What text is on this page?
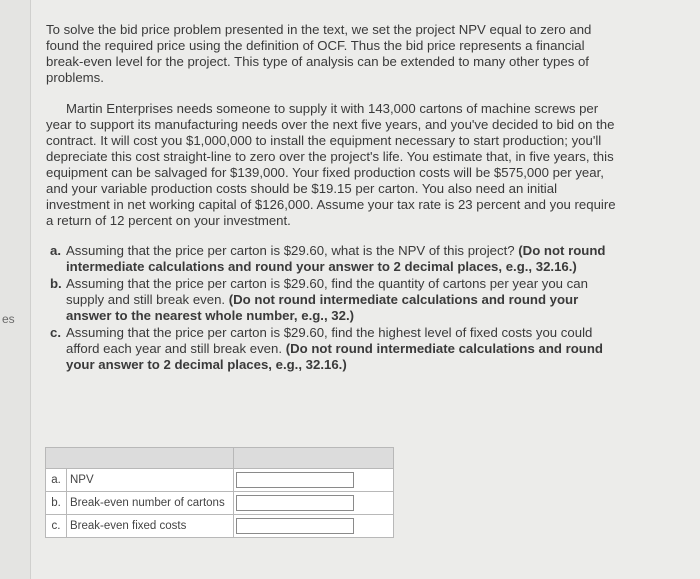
es

To solve the bid price problem presented in the text, we set the project NPV equal to zero and found the required price using the definition of OCF. Thus the bid price represents a financial break-even level for the project. This type of analysis can be extended to many other types of problems.

Martin Enterprises needs someone to supply it with 143,000 cartons of machine screws per year to support its manufacturing needs over the next five years, and you've decided to bid on the contract. It will cost you $1,000,000 to install the equipment necessary to start production; you'll depreciate this cost straight-line to zero over the project's life. You estimate that, in five years, this equipment can be salvaged for $139,000. Your fixed production costs will be $575,000 per year, and your variable production costs should be $19.15 per carton. You also need an initial investment in net working capital of $126,000. Assume your tax rate is 23 percent and you require a return of 12 percent on your investment.

a. Assuming that the price per carton is $29.60, what is the NPV of this project? (Do not round intermediate calculations and round your answer to 2 decimal places, e.g., 32.16.)
b. Assuming that the price per carton is $29.60, find the quantity of cartons per year you can supply and still break even. (Do not round intermediate calculations and round your answer to the nearest whole number, e.g., 32.)
c. Assuming that the price per carton is $29.60, find the highest level of fixed costs you could afford each year and still break even. (Do not round intermediate calculations and round your answer to 2 decimal places, e.g., 32.16.)

a.	NPV	

b.	Break-even number of cartons	

c.	Break-even fixed costs	
